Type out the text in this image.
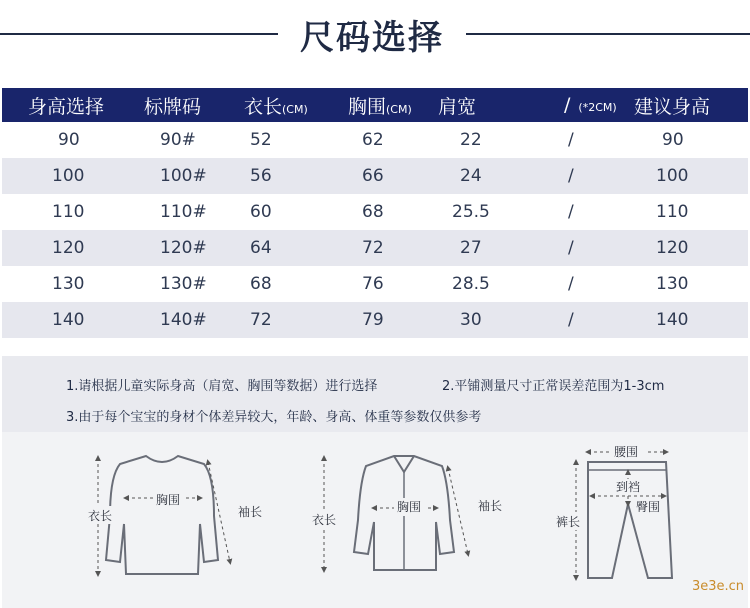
尺码选择
身高选择	标牌码	衣长(CM)	胸围(CM)	肩宽	/ (*2CM)	建议身高
90	90#	52	62	22	/	90
100	100#	56	66	24	/	100
110	110#	60	68	25.5	/	110
120	120#	64	72	27	/	120
130	130#	68	76	28.5	/	130
140	140#	72	79	30	/	140
1.请根据儿童实际身高（肩宽、胸围等数据）进行选择	2.平铺测量尺寸正常误差范围为1-3cm
3.由于每个宝宝的身材个体差异较大，年龄、身高、体重等参数仅供参考
衣长
胸围
袖长
衣长
胸围	袖长
腰围
到裆
臀围
裤长
3e3e.cn
